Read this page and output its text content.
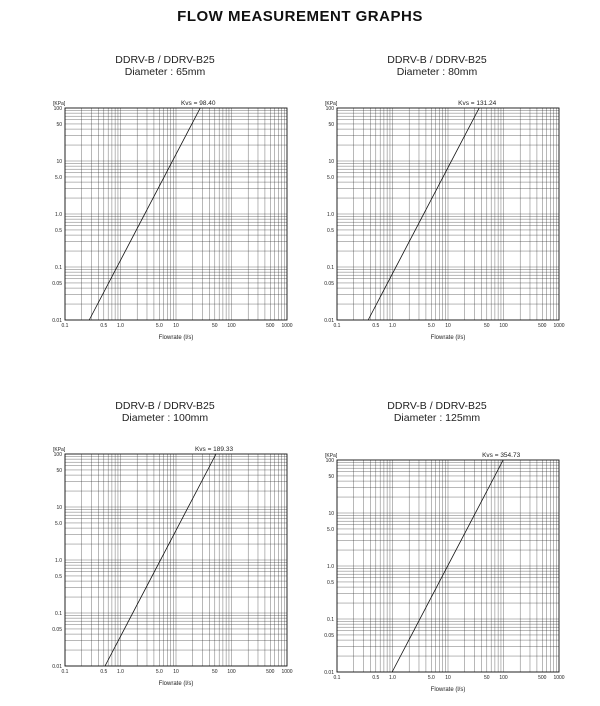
FLOW MEASUREMENT GRAPHS
DDRV-B / DDRV-B25
Diameter : 65mm
0.1	0.5 1.0	5.0 10	50 100	500 1000
100
50
10
5.0
1.0
0.5
0.1
0.05
0.01
[KPa]
Flowrate (l/s)
Kvs = 98.40
DDRV-B / DDRV-B25
Diameter : 80mm
0.1	0.5 1.0	5.0 10	50 100	500 1000
100
50
10
5.0
1.0
0.5
0.1
0.05
0.01
[KPa]
Flowrate (l/s)
Kvs = 131.24
DDRV-B / DDRV-B25
Diameter : 100mm
0.1	0.5 1.0	5.0 10	50 100	500 1000
100
50
10
5.0
1.0
0.5
0.1
0.05
0.01
[KPa]
Flowrate (l/s)
Kvs = 189.33
DDRV-B / DDRV-B25
Diameter : 125mm
0.1	0.5 1.0	5.0 10	50 100	500 1000
100
50
10
5.0
1.0
0.5
0.1
0.05
0.01
[KPa]
Flowrate (l/s)
Kvs = 354.73
